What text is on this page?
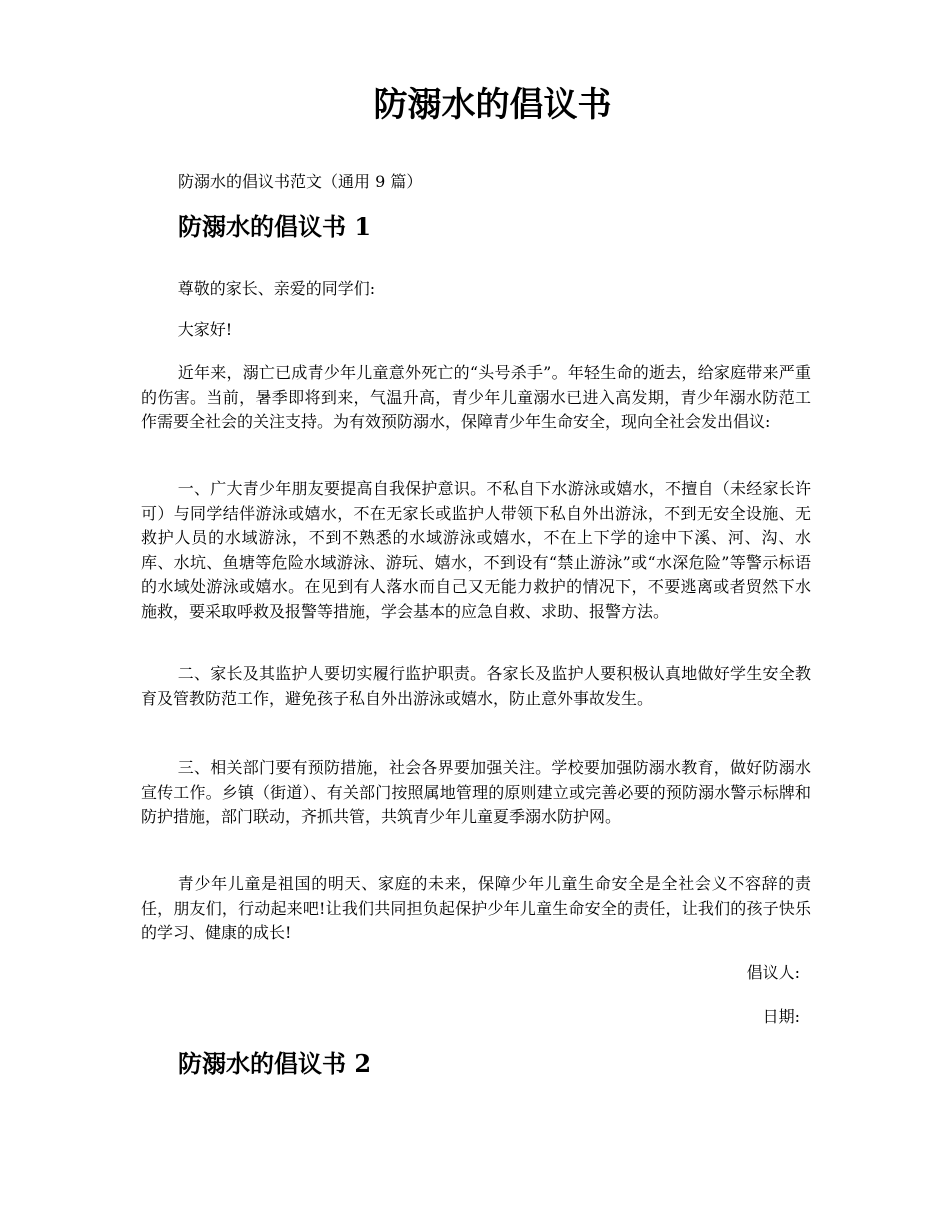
防溺水的倡议书

防溺水的倡议书范文（通用 9 篇）

防溺水的倡议书 1

尊敬的家长、亲爱的同学们:

大家好!

近年来，溺亡已成青少年儿童意外死亡的“头号杀手”。年轻生命的逝去，给家庭带来严重的伤害。当前，暑季即将到来，气温升高，青少年儿童溺水已进入高发期，青少年溺水防范工作需要全社会的关注支持。为有效预防溺水，保障青少年生命安全，现向全社会发出倡议:

一、广大青少年朋友要提高自我保护意识。不私自下水游泳或嬉水，不擅自（未经家长许可）与同学结伴游泳或嬉水，不在无家长或监护人带领下私自外出游泳，不到无安全设施、无救护人员的水域游泳，不到不熟悉的水域游泳或嬉水，不在上下学的途中下溪、河、沟、水库、水坑、鱼塘等危险水域游泳、游玩、嬉水，不到设有“禁止游泳”或“水深危险”等警示标语的水域处游泳或嬉水。在见到有人落水而自己又无能力救护的情况下，不要逃离或者贸然下水施救，要采取呼救及报警等措施，学会基本的应急自救、求助、报警方法。

二、家长及其监护人要切实履行监护职责。各家长及监护人要积极认真地做好学生安全教育及管教防范工作，避免孩子私自外出游泳或嬉水，防止意外事故发生。

三、相关部门要有预防措施，社会各界要加强关注。学校要加强防溺水教育，做好防溺水宣传工作。乡镇（街道）、有关部门按照属地管理的原则建立或完善必要的预防溺水警示标牌和防护措施，部门联动，齐抓共管，共筑青少年儿童夏季溺水防护网。

青少年儿童是祖国的明天、家庭的未来，保障少年儿童生命安全是全社会义不容辞的责任，朋友们，行动起来吧!让我们共同担负起保护少年儿童生命安全的责任，让我们的孩子快乐的学习、健康的成长!

倡议人:

日期:

防溺水的倡议书 2
